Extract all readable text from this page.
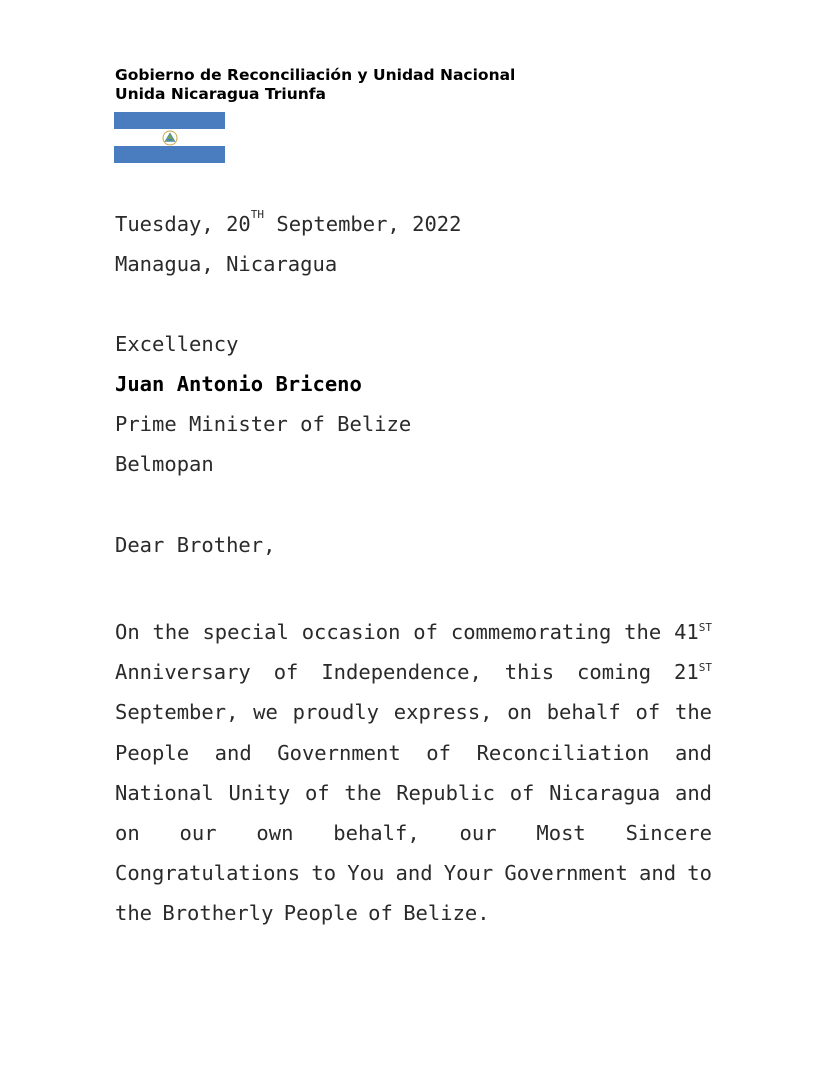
Gobierno de Reconciliación y Unidad Nacional
Unida Nicaragua Triunfa
Tuesday, 20TH September, 2022
Managua, Nicaragua
Excellency
Juan Antonio Briceno
Prime Minister of Belize
Belmopan
Dear Brother,
On the special occasion of commemorating the 41ST Anniversary of Independence, this coming 21ST September, we proudly express, on behalf of the People and Government of Reconciliation and National Unity of the Republic of Nicaragua and on our own behalf, our Most Sincere Congratulations to You and Your Government and to the Brotherly People of Belize.
